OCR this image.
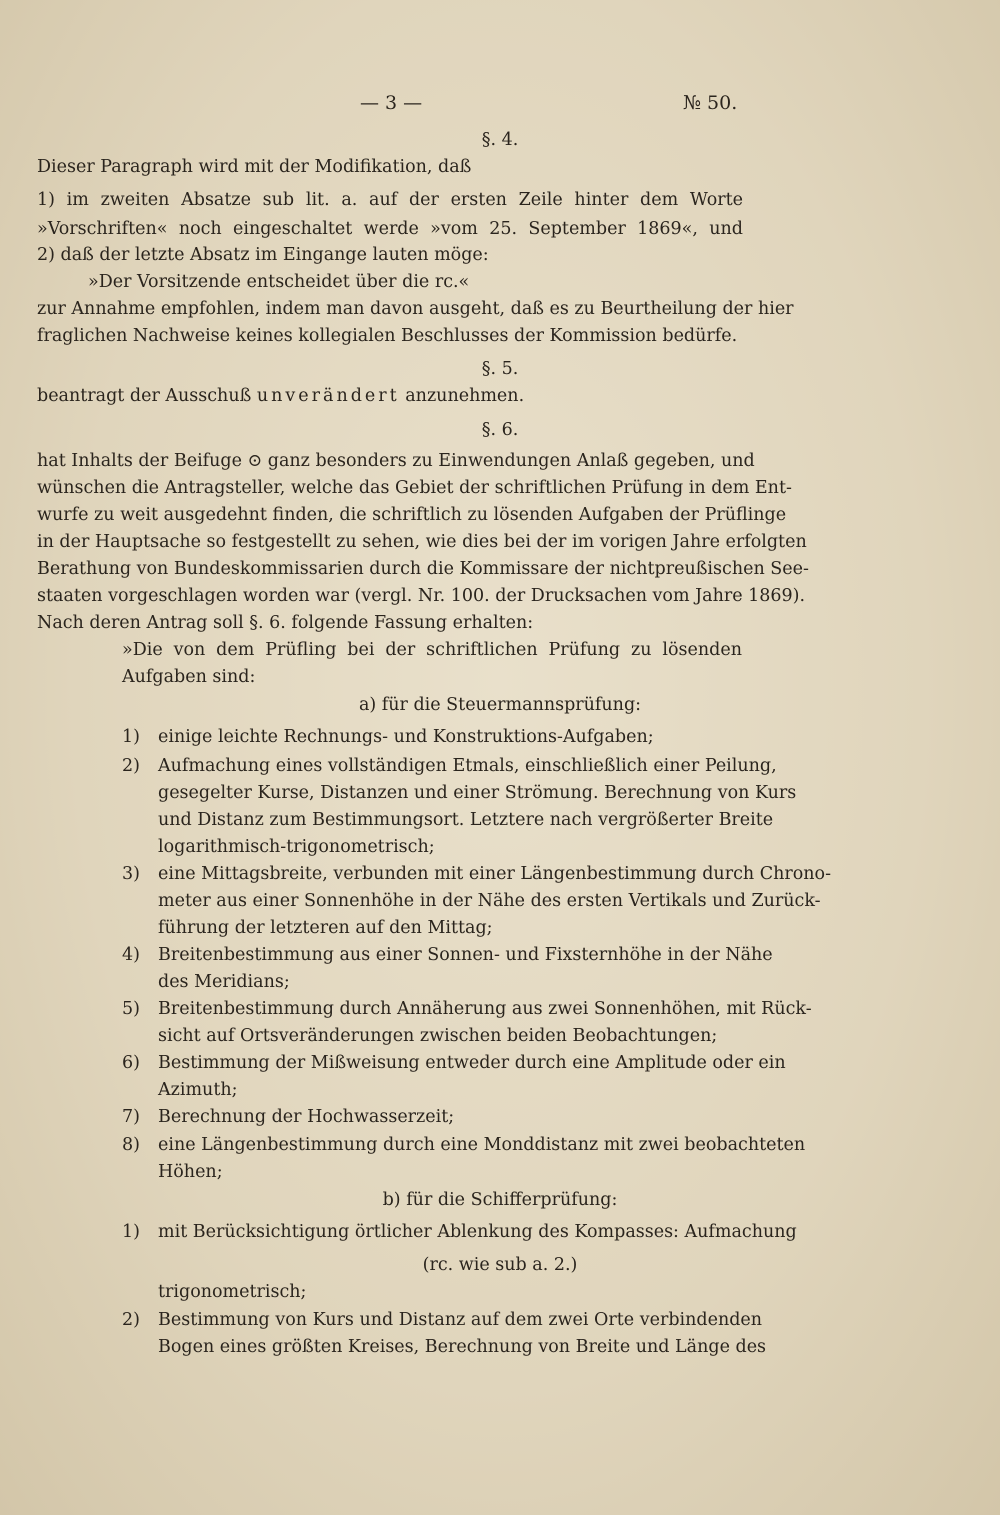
— 3 —	№ 50.
§. 4.
Dieser Paragraph wird mit der Modifikation, daß
1) im zweiten Absatze sub lit. a. auf der ersten Zeile hinter dem Worte
»Vorschriften« noch eingeschaltet werde »vom 25. September 1869«, und
2) daß der letzte Absatz im Eingange lauten möge:
»Der Vorsitzende entscheidet über die rc.«
zur Annahme empfohlen, indem man davon ausgeht, daß es zu Beurtheilung der hier
fraglichen Nachweise keines kollegialen Beschlusses der Kommission bedürfe.
§. 5.
beantragt der Ausschuß unverändert anzunehmen.
§. 6.
hat Inhalts der Beifuge ⊙ ganz besonders zu Einwendungen Anlaß gegeben, und
wünschen die Antragsteller, welche das Gebiet der schriftlichen Prüfung in dem Ent-
wurfe zu weit ausgedehnt finden, die schriftlich zu lösenden Aufgaben der Prüflinge
in der Hauptsache so festgestellt zu sehen, wie dies bei der im vorigen Jahre erfolgten
Berathung von Bundeskommissarien durch die Kommissare der nichtpreußischen See-
staaten vorgeschlagen worden war (vergl. Nr. 100. der Drucksachen vom Jahre 1869).
Nach deren Antrag soll §. 6. folgende Fassung erhalten:
»Die von dem Prüfling bei der schriftlichen Prüfung zu lösenden
Aufgaben sind:
a) für die Steuermannsprüfung:
1) einige leichte Rechnungs- und Konstruktions-Aufgaben;
2) Aufmachung eines vollständigen Etmals, einschließlich einer Peilung,
gesegelter Kurse, Distanzen und einer Strömung. Berechnung von Kurs
und Distanz zum Bestimmungsort. Letztere nach vergrößerter Breite
logarithmisch-trigonometrisch;
3) eine Mittagsbreite, verbunden mit einer Längenbestimmung durch Chrono-
meter aus einer Sonnenhöhe in der Nähe des ersten Vertikals und Zurück-
führung der letzteren auf den Mittag;
4) Breitenbestimmung aus einer Sonnen- und Fixsternhöhe in der Nähe
des Meridians;
5) Breitenbestimmung durch Annäherung aus zwei Sonnenhöhen, mit Rück-
sicht auf Ortsveränderungen zwischen beiden Beobachtungen;
6) Bestimmung der Mißweisung entweder durch eine Amplitude oder ein
Azimuth;
7) Berechnung der Hochwasserzeit;
8) eine Längenbestimmung durch eine Monddistanz mit zwei beobachteten
Höhen;
b) für die Schifferprüfung:
1) mit Berücksichtigung örtlicher Ablenkung des Kompasses: Aufmachung
(rc. wie sub a. 2.)
trigonometrisch;
2) Bestimmung von Kurs und Distanz auf dem zwei Orte verbindenden
Bogen eines größten Kreises, Berechnung von Breite und Länge des
